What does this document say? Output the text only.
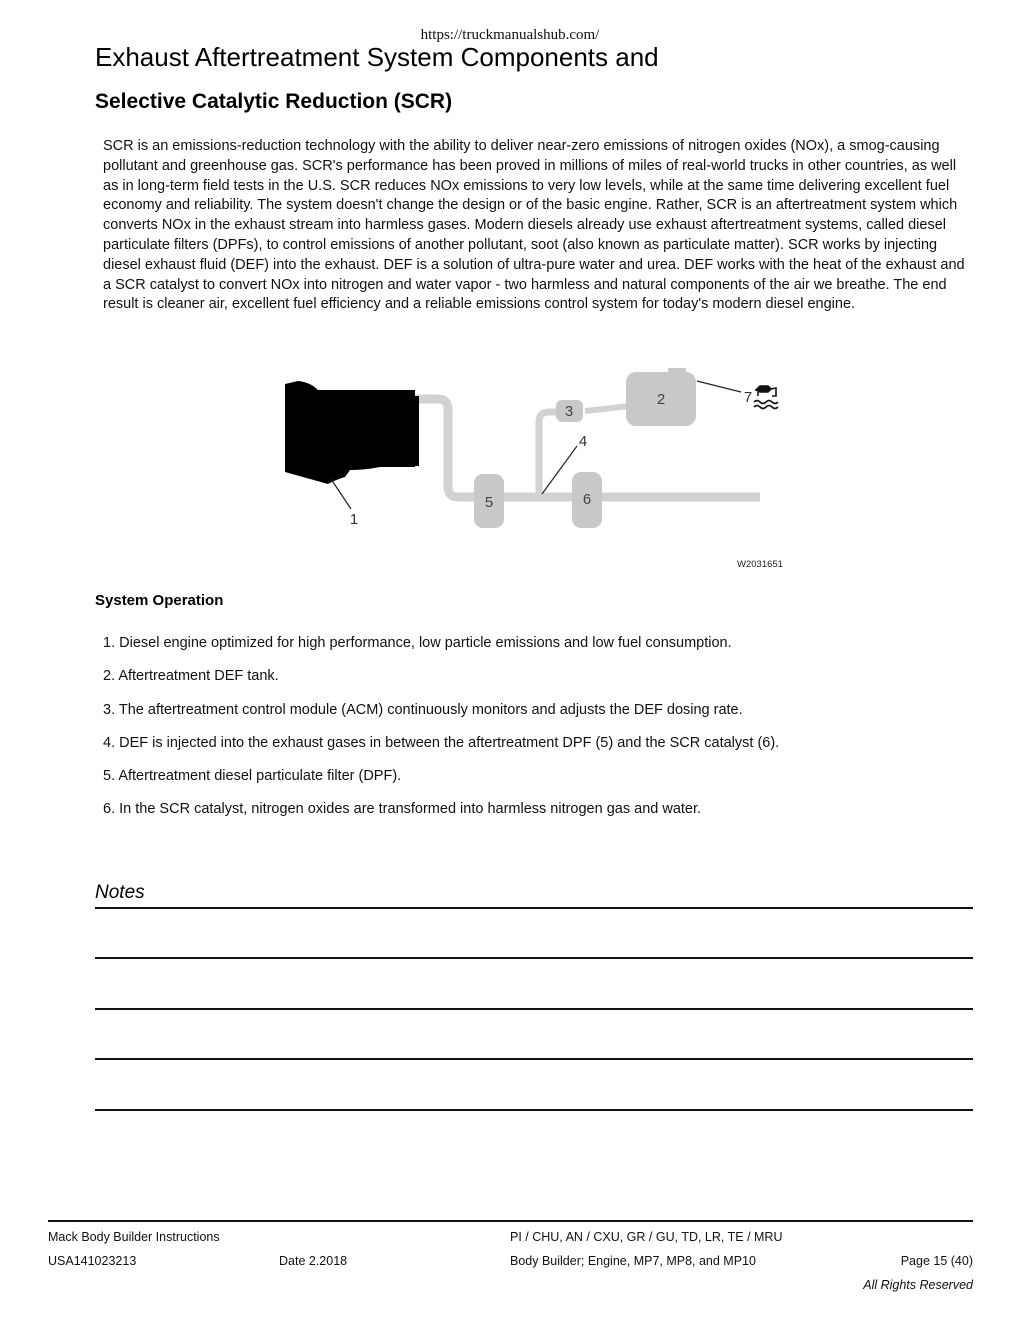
https://truckmanualshub.com/
Exhaust Aftertreatment System Components and
Selective Catalytic Reduction (SCR)

SCR is an emissions-reduction technology with the ability to deliver near-zero emissions of nitrogen oxides (NOx), a smog-causing pollutant and greenhouse gas. SCR's performance has been proved in millions of miles of real-world trucks in other countries, as well as in long-term field tests in the U.S. SCR reduces NOx emissions to very low levels, while at the same time delivering excellent fuel economy and reliability. The system doesn't change the design or of the basic engine. Rather, SCR is an aftertreatment system which converts NOx in the exhaust stream into harmless gases. Modern diesels already use exhaust aftertreatment systems, called diesel particulate filters (DPFs), to control emissions of another pollutant, soot (also known as particulate matter). SCR works by injecting diesel exhaust fluid (DEF) into the exhaust. DEF is a solution of ultra-pure water and urea. DEF works with the heat of the exhaust and a SCR catalyst to convert NOx into nitrogen and water vapor - two harmless and natural components of the air we breathe. The end result is cleaner air, excellent fuel efficiency and a reliable emissions control system for today's modern diesel engine.

1
2
3
4
5	6
7
W2031651
System Operation
1. Diesel engine optimized for high performance, low particle emissions and low fuel consumption.
2. Aftertreatment DEF tank.
3. The aftertreatment control module (ACM) continuously monitors and adjusts the DEF dosing rate.
4. DEF is injected into the exhaust gases in between the aftertreatment DPF (5) and the SCR catalyst (6).
5. Aftertreatment diesel particulate filter (DPF).
6. In the SCR catalyst, nitrogen oxides are transformed into harmless nitrogen gas and water.
Notes
Mack Body Builder Instructions	PI / CHU, AN / CXU, GR / GU, TD, LR, TE / MRU
USA141023213	Date 2.2018	Body Builder; Engine, MP7, MP8, and MP10	Page 15 (40)
All Rights Reserved
